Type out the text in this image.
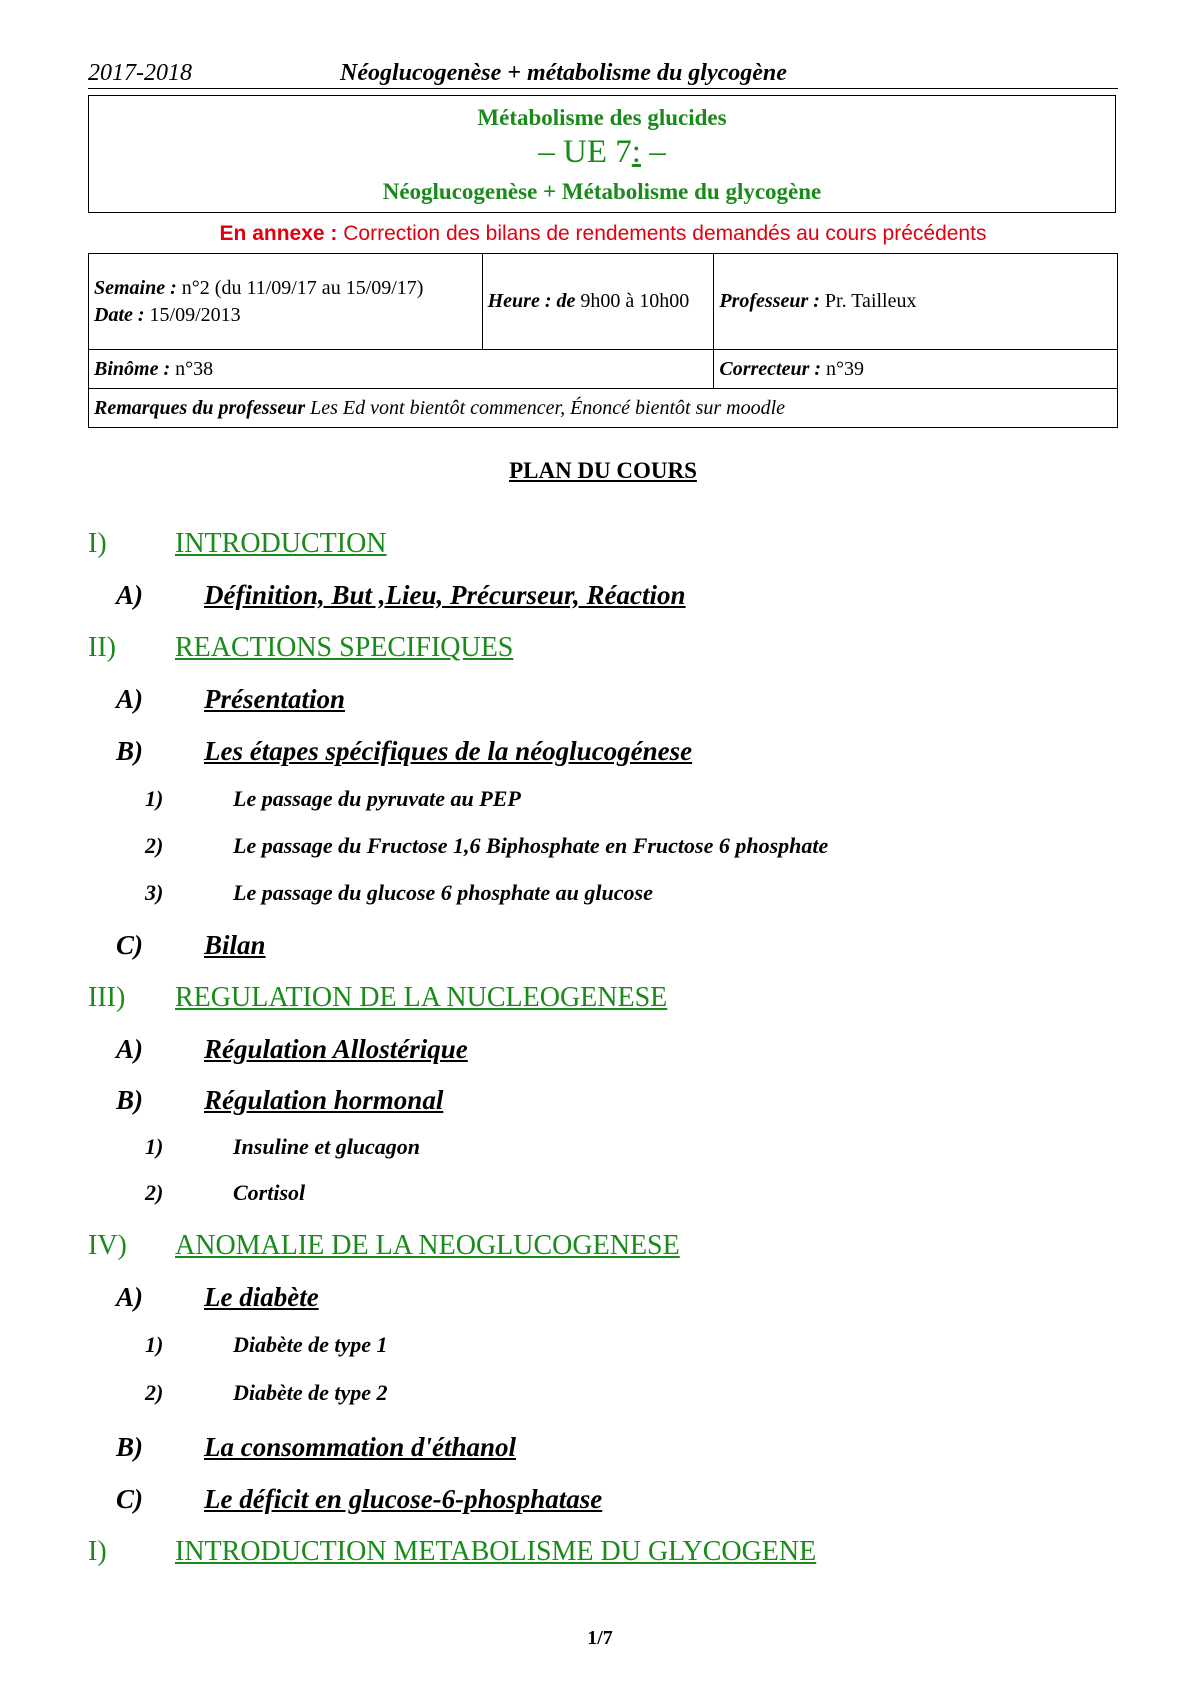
2017-2018	Néoglucogenèse + métabolisme du glycogène
Métabolisme des glucides
– UE 7: –
Néoglucogenèse + Métabolisme du glycogène
En annexe : Correction des bilans de rendements demandés au cours précédents
Semaine : n°2 (du 11/09/17 au 15/09/17)
Date : 15/09/2013	Heure : de 9h00 à 10h00	Professeur : Pr. Tailleux
Binôme : n°38		Correcteur : n°39
Remarques du professeur Les Ed vont bientôt commencer, Énoncé bientôt sur moodle		
PLAN DU COURS
I) INTRODUCTION
A) Définition, But ,Lieu, Précurseur, Réaction
II) REACTIONS SPECIFIQUES
A) Présentation
B) Les étapes spécifiques de la néoglucogénese
1)	Le passage du pyruvate au PEP
2)	Le passage du Fructose 1,6 Biphosphate en Fructose 6 phosphate
3)	Le passage du glucose 6 phosphate au glucose
C) Bilan
III) REGULATION DE LA NUCLEOGENESE
A) Régulation Allostérique
B) Régulation hormonal
1)	Insuline et glucagon
2)	Cortisol
IV) ANOMALIE DE LA NEOGLUCOGENESE
A) Le diabète
1)	Diabète de type 1
2)	Diabète de type 2
B) La consommation d'éthanol
C) Le déficit en glucose-6-phosphatase
I) INTRODUCTION METABOLISME DU GLYCOGENE
1/7
